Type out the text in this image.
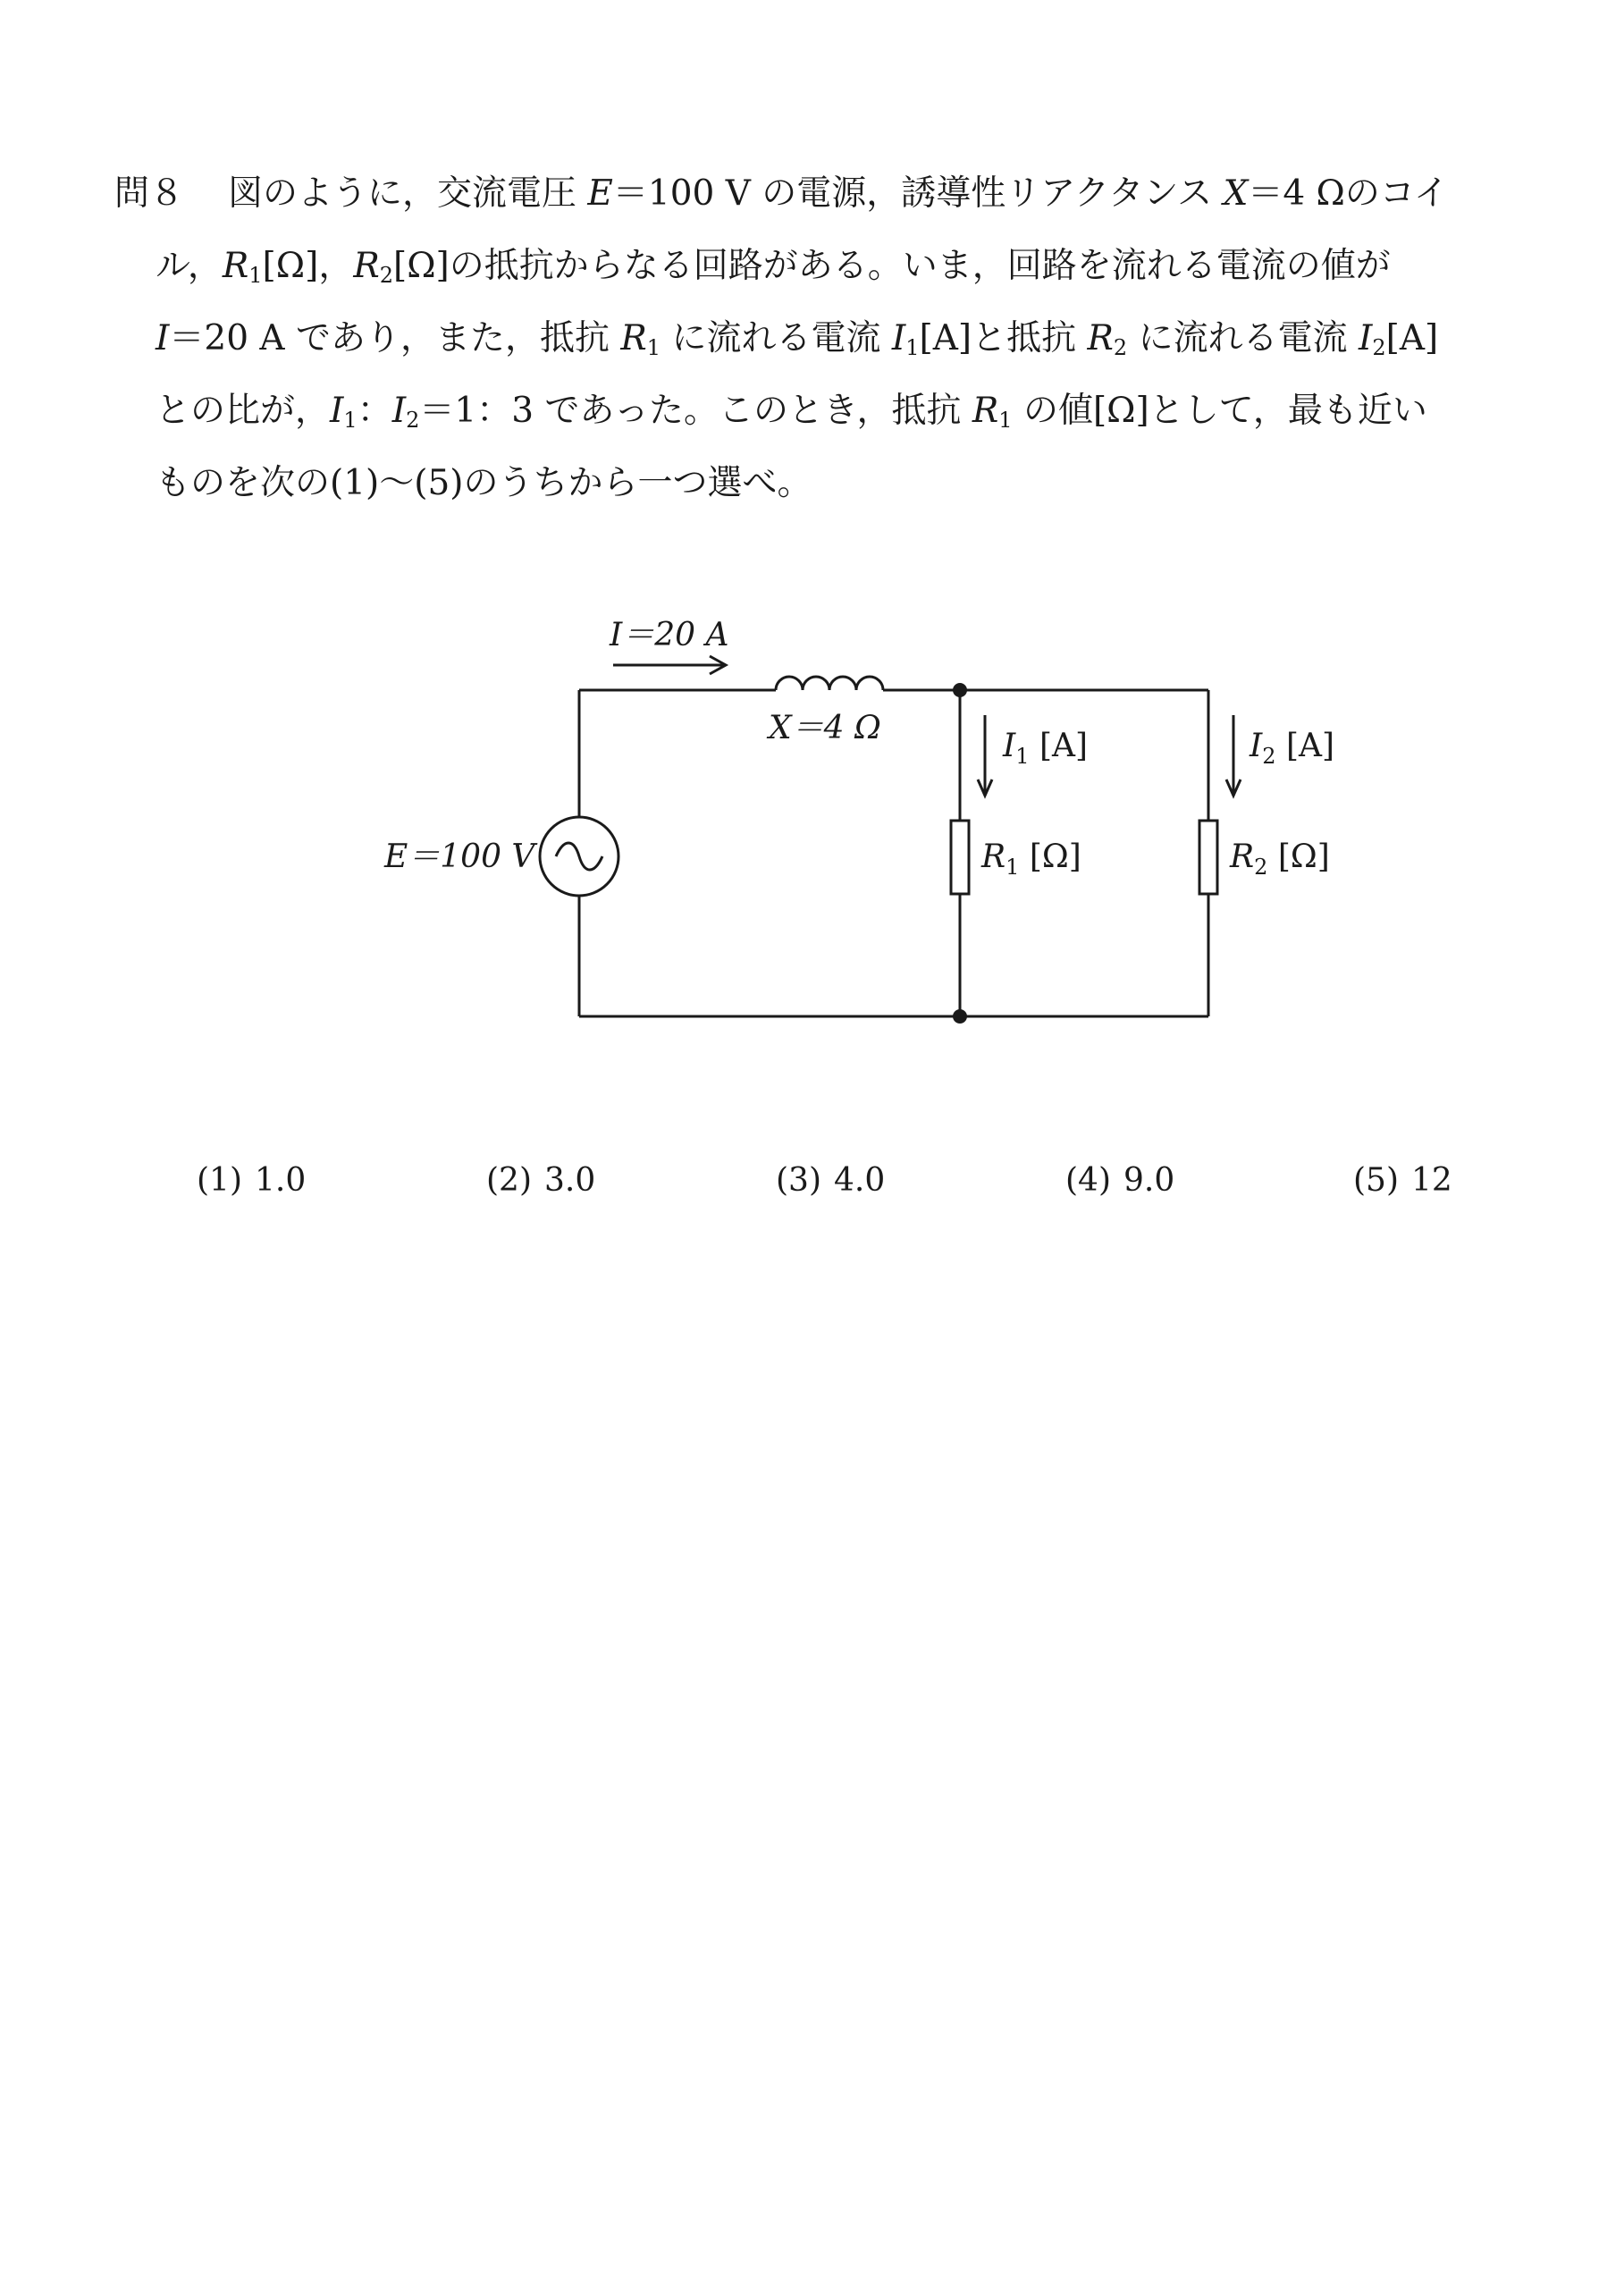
問８ 図のように，交流電圧 E＝100 V の電源，誘導性リアクタンス X＝4 Ωのコイ
ル，$R_1[\Omega]$，$R_2[\Omega]$の抵抗からなる回路がある。いま，回路を流れる電流の値が
I＝20 A であり，また，抵抗 $R_1$ に流れる電流 $I_1[A]$と抵抗 $R_2$ に流れる電流 $I_2[A]$
との比が，$I_1$：$I_2=1$：3 であった。このとき，抵抗 $R_1$ の値[Ω]として，最も近い
ものを次の(1)～(5)のうちから一つ選べ。
I＝20 A
X＝4 Ω
E＝100 V
$I_1$ [A]	$I_2$ [A]
$R_1$ [Ω]	$R_2$ [Ω]
(1) 1.0	(2) 3.0	(3) 4.0	(4) 9.0	(5) 12
